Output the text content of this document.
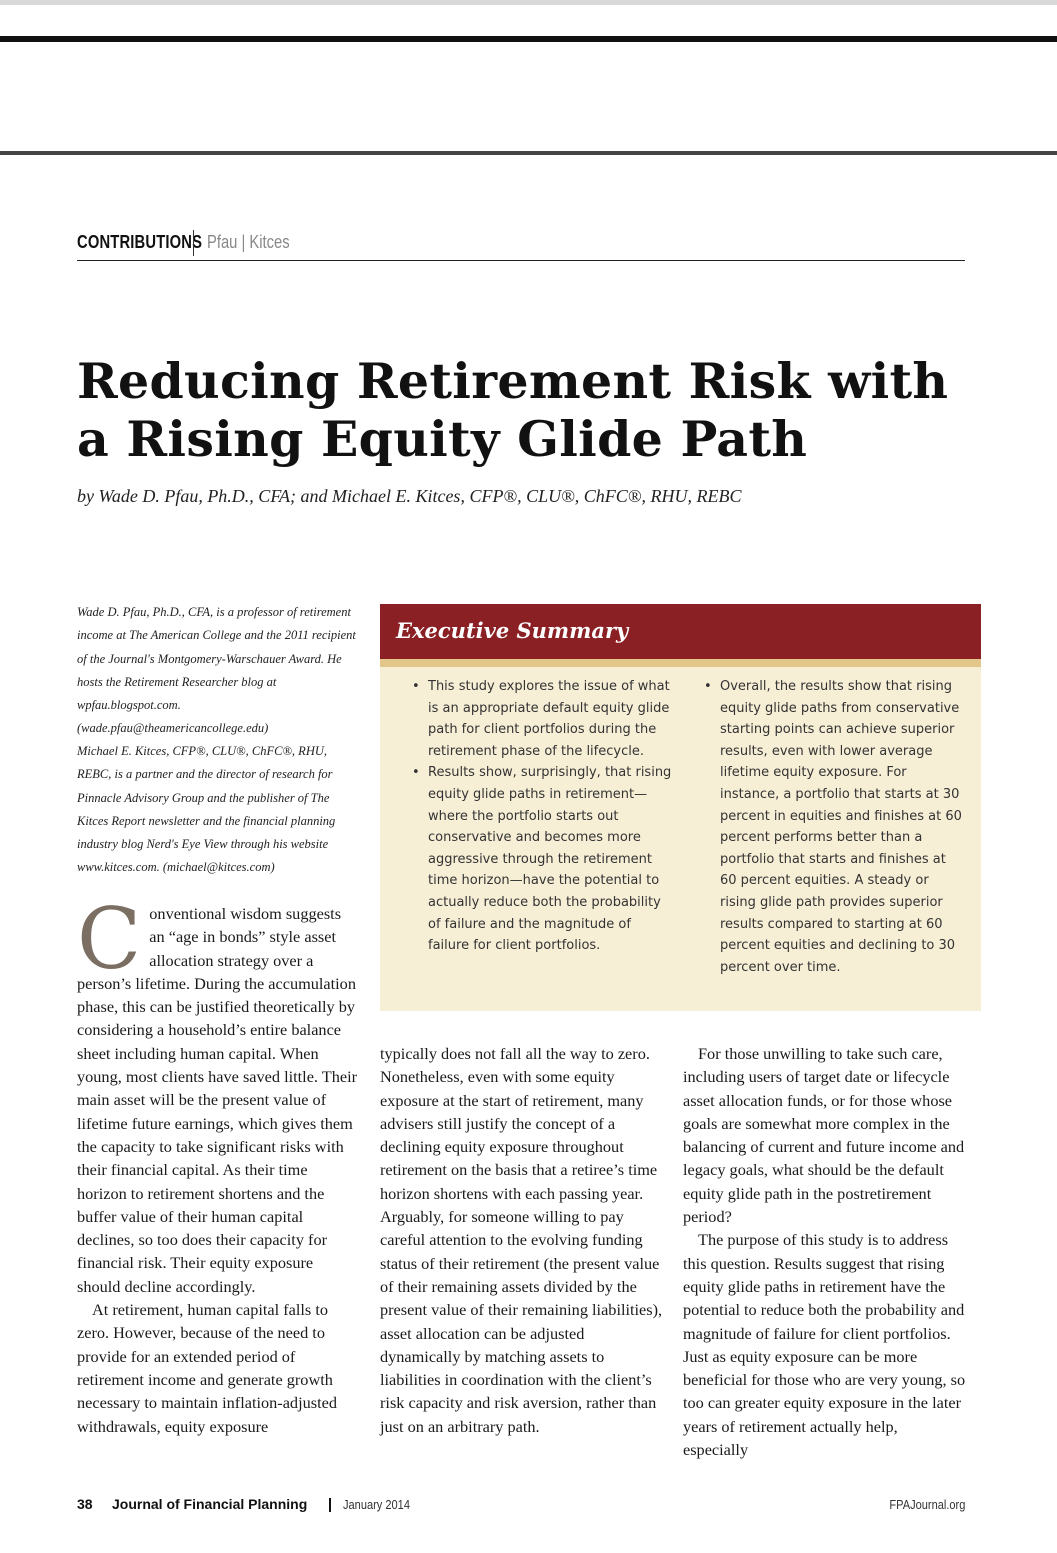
CONTRIBUTIONS Pfau | Kitces
Reducing Retirement Risk with a Rising Equity Glide Path
by Wade D. Pfau, Ph.D., CFA; and Michael E. Kitces, CFP®, CLU®, ChFC®, RHU, REBC
Wade D. Pfau, Ph.D., CFA, is a professor of retirement income at The American College and the 2011 recipient of the Journal's Montgomery-Warschauer Award. He hosts the Retirement Researcher blog at wpfau.blogspot.com. (wade.pfau@theamericancollege.edu)
Michael E. Kitces, CFP®, CLU®, ChFC®, RHU, REBC, is a partner and the director of research for Pinnacle Advisory Group and the publisher of The Kitces Report newsletter and the financial planning industry blog Nerd's Eye View through his website www.kitces.com. (michael@kitces.com)
Executive Summary
• This study explores the issue of what is an appropriate default equity glide path for client portfolios during the retirement phase of the lifecycle.
• Results show, surprisingly, that rising equity glide paths in retirement—where the portfolio starts out conservative and becomes more aggressive through the retirement time horizon—have the potential to actually reduce both the probability of failure and the magnitude of failure for client portfolios.
• Overall, the results show that rising equity glide paths from conservative starting points can achieve superior results, even with lower average lifetime equity exposure. For instance, a portfolio that starts at 30 percent in equities and finishes at 60 percent performs better than a portfolio that starts and finishes at 60 percent equities. A steady or rising glide path provides superior results compared to starting at 60 percent equities and declining to 30 percent over time.

Conventional wisdom suggests an “age in bonds” style asset allocation strategy over a person’s lifetime. During the accumulation phase, this can be justified theoretically by considering a household’s entire balance sheet including human capital. When young, most clients have saved little. Their main asset will be the present value of lifetime future earnings, which gives them the capacity to take significant risks with their financial capital. As their time horizon to retirement shortens and the buffer value of their human capital declines, so too does their capacity for financial risk. Their equity exposure should decline accordingly.

At retirement, human capital falls to zero. However, because of the need to provide for an extended period of retirement income and generate growth necessary to maintain inflation-adjusted withdrawals, equity exposure

typically does not fall all the way to zero. Nonetheless, even with some equity exposure at the start of retirement, many advisers still justify the concept of a declining equity exposure throughout retirement on the basis that a retiree’s time horizon shortens with each passing year. Arguably, for someone willing to pay careful attention to the evolving funding status of their retirement (the present value of their remaining assets divided by the present value of their remaining liabilities), asset allocation can be adjusted dynamically by matching assets to liabilities in coordination with the client’s risk capacity and risk aversion, rather than just on an arbitrary path.

For those unwilling to take such care, including users of target date or lifecycle asset allocation funds, or for those whose goals are somewhat more complex in the balancing of current and future income and legacy goals, what should be the default equity glide path in the postretirement period?

The purpose of this study is to address this question. Results suggest that rising equity glide paths in retirement have the potential to reduce both the probability and magnitude of failure for client portfolios. Just as equity exposure can be more beneficial for those who are very young, so too can greater equity exposure in the later years of retirement actually help, especially

38 Journal of Financial Planning	January 2014	FPAJournal.org
